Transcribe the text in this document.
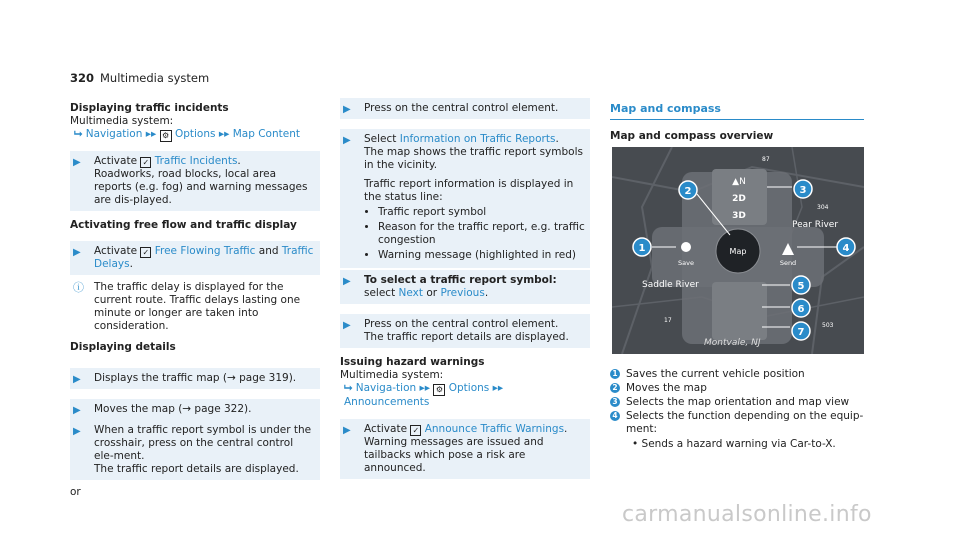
320 Multimedia system
Displaying traffic incidents
Multimedia system:
⮡ Navigation ▸▸ ⚙ Options ▸▸ Map Content
▶ Activate ✓ Traffic Incidents.
Roadworks, road blocks, local area reports (e.g. fog) and warning messages are dis-played.
Activating free flow and traffic display
▶ Activate ✓ Free Flowing Traffic and Traffic Delays.
ⓘ The traffic delay is displayed for the current route. Traffic delays lasting one minute or longer are taken into consideration.
Displaying details
▶ Displays the traffic map (→ page 319).
▶ Moves the map (→ page 322).
▶ When a traffic report symbol is under the crosshair, press on the central control ele-ment.
The traffic report details are displayed.
or
▶ Press on the central control element.
▶ Select Information on Traffic Reports.
The map shows the traffic report symbols in the vicinity.
Traffic report information is displayed in the status line:
• Traffic report symbol
• Reason for the traffic report, e.g. traffic congestion
• Warning message (highlighted in red)
▶ To select a traffic report symbol: select Next or Previous.
▶ Press on the central control element.
The traffic report details are displayed.
Issuing hazard warnings
Multimedia system:
⮡ Naviga-tion ▸▸ ⚙ Options ▸▸ Announcements
▶ Activate ✓ Announce Traffic Warnings.
Warning messages are issued and tailbacks which pose a risk are announced.
Map and compass
Map and compass overview
▲N
2D
3D
Map
Save	Send
Saddle River
Pear River
Montvale, NJ
87
304
17
503
2
1
3
4
5
6
7
1 Saves the current vehicle position
2 Moves the map
3 Selects the map orientation and map view
4 Selects the function depending on the equip-ment:
• Sends a hazard warning via Car-to-X.
carmanualsonline.info
